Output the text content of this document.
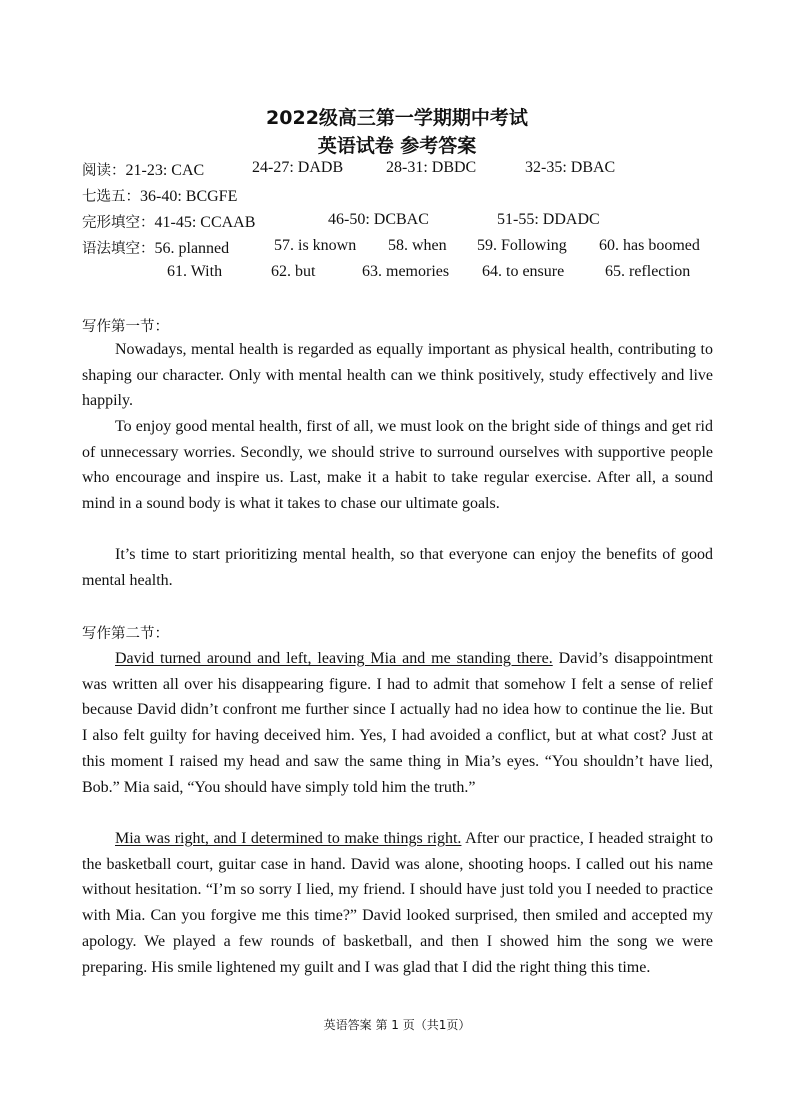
2022级高三第一学期期中考试
英语试卷 参考答案
阅读：21-23: CAC	24-27: DADB	28-31: DBDC	32-35: DBAC
七选五：36-40: BCGFE
完形填空：41-45: CCAAB	46-50: DCBAC	51-55: DDADC
语法填空：56. planned	57. is known 58. when 59. Following 60. has boomed
61. With	62. but	63. memories 64. to ensure	65. reflection
写作第一节：

Nowadays, mental health is regarded as equally important as physical health, contributing to shaping our character. Only with mental health can we think positively, study effectively and live happily.

To enjoy good mental health, first of all, we must look on the bright side of things and get rid of unnecessary worries. Secondly, we should strive to surround ourselves with supportive people who encourage and inspire us. Last, make it a habit to take regular exercise. After all, a sound mind in a sound body is what it takes to chase our ultimate goals.

It’s time to start prioritizing mental health, so that everyone can enjoy the benefits of good mental health.

写作第二节：

David turned around and left, leaving Mia and me standing there. David’s disappointment was written all over his disappearing figure. I had to admit that somehow I felt a sense of relief because David didn’t confront me further since I actually had no idea how to continue the lie. But I also felt guilty for having deceived him. Yes, I had avoided a conflict, but at what cost? Just at this moment I raised my head and saw the same thing in Mia’s eyes. “You shouldn’t have lied, Bob.” Mia said, “You should have simply told him the truth.”

Mia was right, and I determined to make things right. After our practice, I headed straight to the basketball court, guitar case in hand. David was alone, shooting hoops. I called out his name without hesitation. “I’m so sorry I lied, my friend. I should have just told you I needed to practice with Mia. Can you forgive me this time?” David looked surprised, then smiled and accepted my apology. We played a few rounds of basketball, and then I showed him the song we were preparing. His smile lightened my guilt and I was glad that I did the right thing this time.

英语答案 第 1 页（共1页）
